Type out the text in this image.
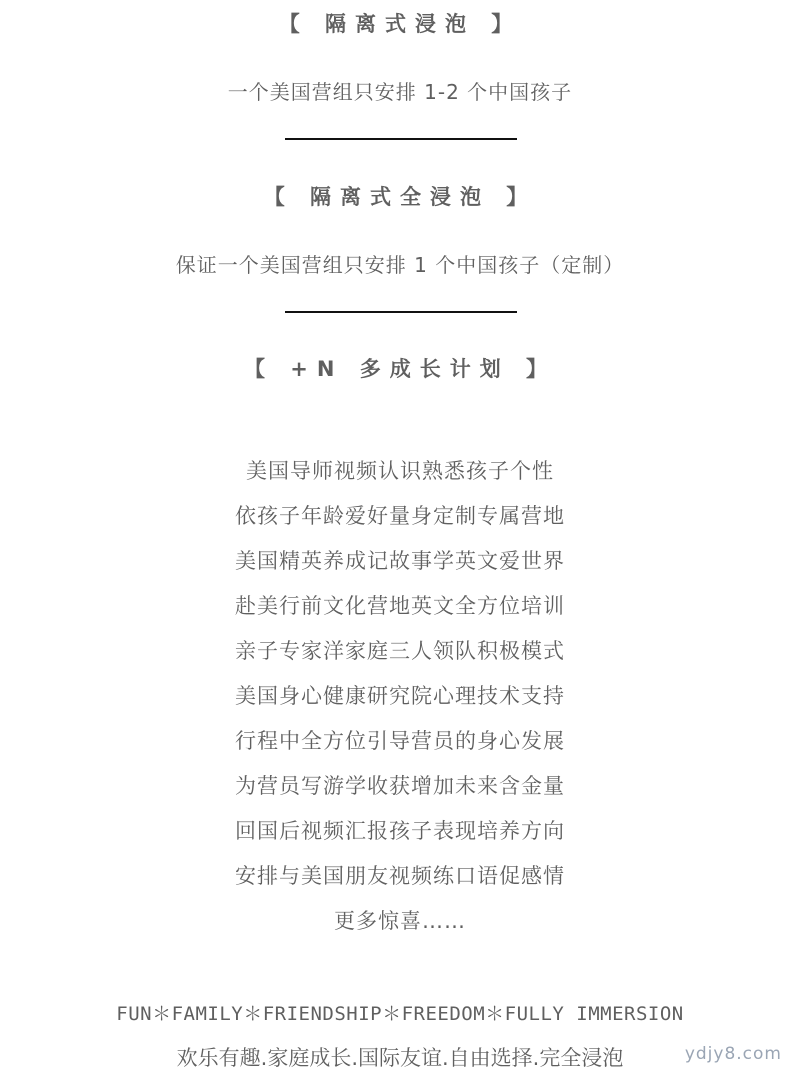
【 隔离式浸泡 】
一个美国营组只安排 1-2 个中国孩子
【 隔离式全浸泡 】
保证一个美国营组只安排 1 个中国孩子（定制）
【 +N 多成长计划 】
美国导师视频认识熟悉孩子个性
依孩子年龄爱好量身定制专属营地
美国精英养成记故事学英文爱世界
赴美行前文化营地英文全方位培训
亲子专家洋家庭三人领队积极模式
美国身心健康研究院心理技术支持
行程中全方位引导营员的身心发展
为营员写游学收获增加未来含金量
回国后视频汇报孩子表现培养方向
安排与美国朋友视频练口语促感情
更多惊喜……
FUN＊FAMILY＊FRIENDSHIP＊FREEDOM＊FULLY IMMERSION
欢乐有趣.家庭成长.国际友谊.自由选择.完全浸泡	ydjy8.com
